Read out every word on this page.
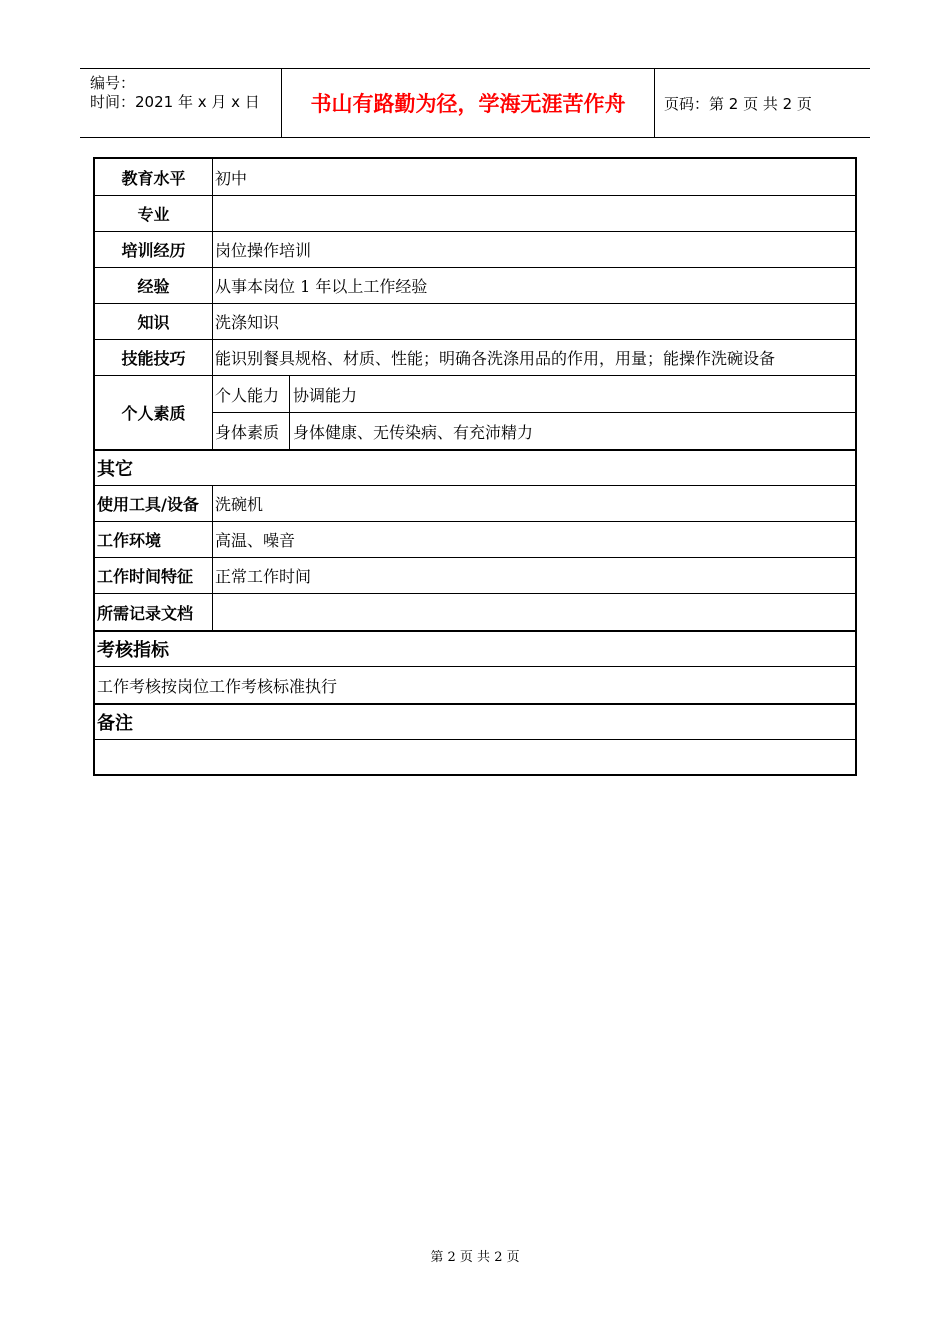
编号：
时间：2021 年 x 月 x 日	书山有路勤为径，学海无涯苦作舟	页码：第 2 页 共 2 页
教育水平	初中
专业
培训经历	岗位操作培训
经验	从事本岗位 1 年以上工作经验
知识	洗涤知识
技能技巧	能识别餐具规格、材质、性能；明确各洗涤用品的作用，用量；能操作洗碗设备
个人素质
个人能力 协调能力
身体素质 身体健康、无传染病、有充沛精力
其它
使用工具/设备	洗碗机
工作环境	高温、噪音
工作时间特征	正常工作时间
所需记录文档
考核指标
工作考核按岗位工作考核标准执行
备注
第 2 页 共 2 页
